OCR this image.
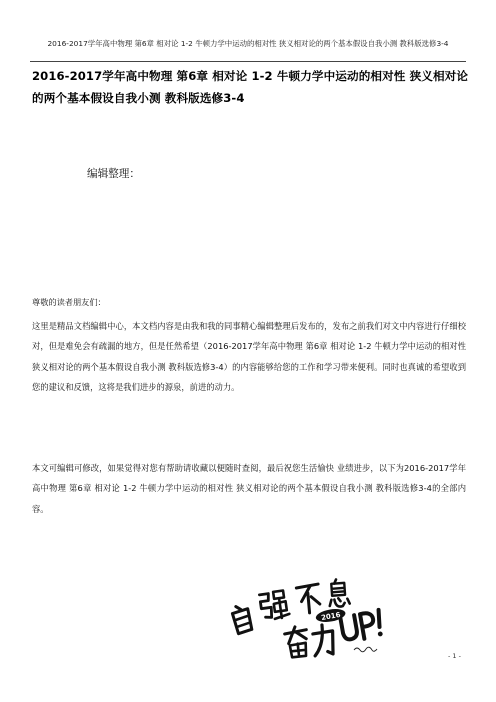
2016-2017学年高中物理 第6章 相对论 1-2 牛顿力学中运动的相对性 狭义相对论的两个基本假设自我小测 教科版选修3-4
2016-2017学年高中物理 第6章 相对论 1-2 牛顿力学中运动的相对性 狭义相对论的两个基本假设自我小测 教科版选修3-4
编辑整理：
尊敬的读者朋友们：
这里是精品文档编辑中心，本文档内容是由我和我的同事精心编辑整理后发布的，发布之前我们对文中内容进行仔细校对，但是难免会有疏漏的地方，但是任然希望（2016-2017学年高中物理 第6章 相对论 1-2 牛顿力学中运动的相对性 狭义相对论的两个基本假设自我小测 教科版选修3-4）的内容能够给您的工作和学习带来便利。同时也真诚的希望收到您的建议和反馈，这将是我们进步的源泉，前进的动力。
本文可编辑可修改，如果觉得对您有帮助请收藏以便随时查阅，最后祝您生活愉快 业绩进步，以下为2016-2017学年高中物理 第6章 相对论 1-2 牛顿力学中运动的相对性 狭义相对论的两个基本假设自我小测 教科版选修3-4的全部内容。
2016
- 1 -
